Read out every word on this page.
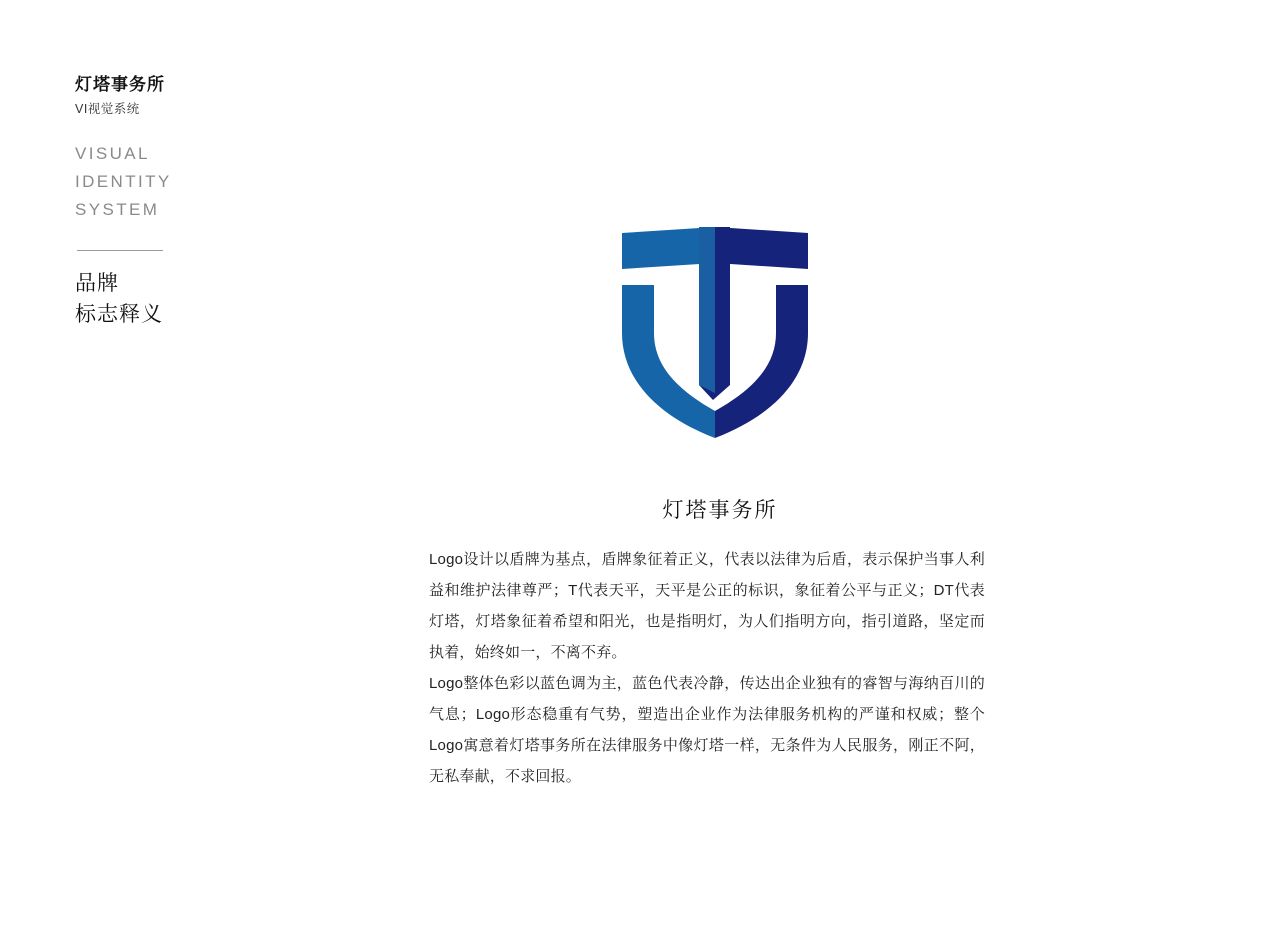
灯塔事务所
VI视觉系统
VISUAL
IDENTITY
SYSTEM
品牌
标志释义
灯塔事务所

Logo设计以盾牌为基点，盾牌象征着正义，代表以法律为后盾，表示保护当事人利益和维护法律尊严；T代表天平，天平是公正的标识，象征着公平与正义；DT代表灯塔，灯塔象征着希望和阳光，也是指明灯，为人们指明方向，指引道路，坚定而执着，始终如一，不离不弃。

Logo整体色彩以蓝色调为主，蓝色代表冷静，传达出企业独有的睿智与海纳百川的气息；Logo形态稳重有气势，塑造出企业作为法律服务机构的严谨和权威；整个Logo寓意着灯塔事务所在法律服务中像灯塔一样，无条件为人民服务，刚正不阿，无私奉献，不求回报。
